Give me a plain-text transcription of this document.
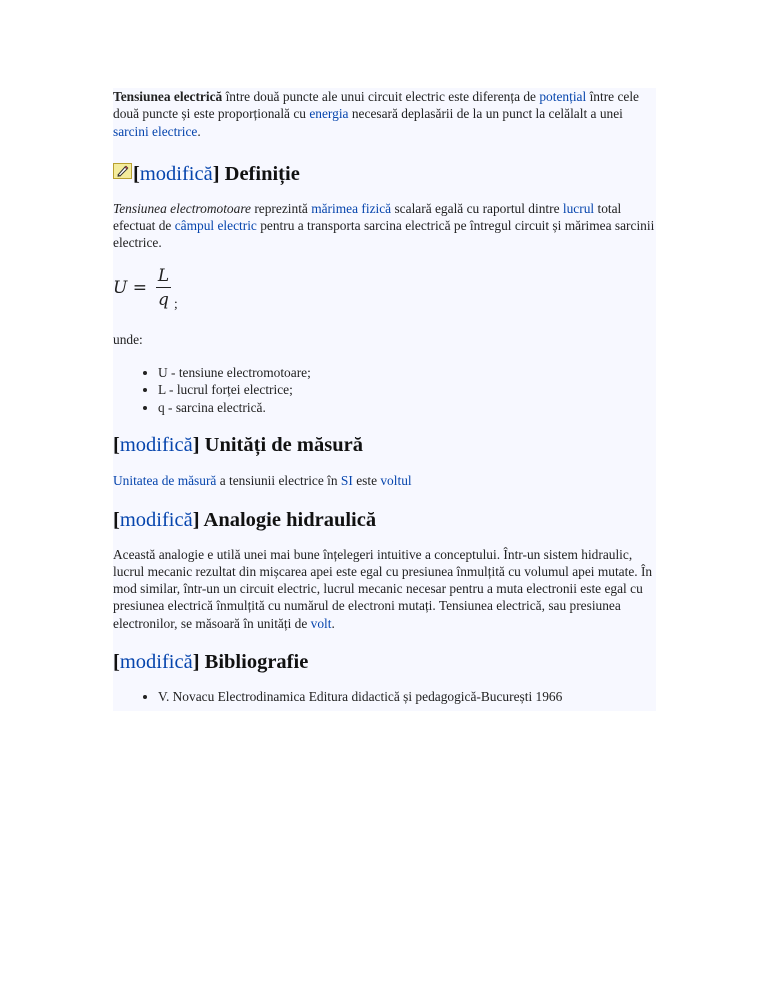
Tensiunea electrică între două puncte ale unui circuit electric este diferența de potențial între cele două puncte și este proporțională cu energia necesară deplasării de la un punct la celălalt a unei sarcini electrice.

[modifică] Definiție

Tensiunea electromotoare reprezintă mărimea fizică scalară egală cu raportul dintre lucrul total efectuat de câmpul electric pentru a transporta sarcina electrică pe întregul circuit și mărimea sarcinii electrice.

U =
L
q ;

unde:

• U - tensiune electromotoare;
• L - lucrul forței electrice;
• q - sarcina electrică.
[modifică] Unități de măsură

Unitatea de măsură a tensiunii electrice în SI este voltul

[modifică] Analogie hidraulică

Această analogie e utilă unei mai bune înțelegeri intuitive a conceptului. Într-un sistem hidraulic, lucrul mecanic rezultat din mișcarea apei este egal cu presiunea înmulțită cu volumul apei mutate. În mod similar, într-un un circuit electric, lucrul mecanic necesar pentru a muta electronii este egal cu presiunea electrică înmulțită cu numărul de electroni mutați. Tensiunea electrică, sau presiunea electronilor, se măsoară în unități de volt.

[modifică] Bibliografie
• V. Novacu Electrodinamica Editura didactică și pedagogică-București 1966
